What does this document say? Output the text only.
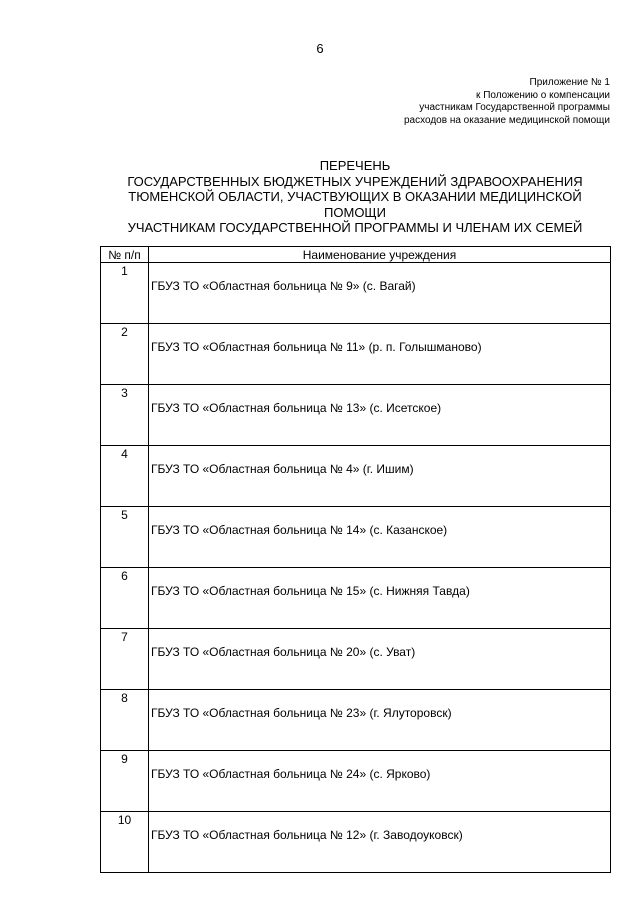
6
Приложение № 1
к Положению о компенсации
участникам Государственной программы
расходов на оказание медицинской помощи
ПЕРЕЧЕНЬ
ГОСУДАРСТВЕННЫХ БЮДЖЕТНЫХ УЧРЕЖДЕНИЙ ЗДРАВООХРАНЕНИЯ
ТЮМЕНСКОЙ ОБЛАСТИ, УЧАСТВУЮЩИХ В ОКАЗАНИИ МЕДИЦИНСКОЙ
ПОМОЩИ
УЧАСТНИКАМ ГОСУДАРСТВЕННОЙ ПРОГРАММЫ И ЧЛЕНАМ ИХ СЕМЕЙ
№ п/п	Наименование учреждения
1	ГБУЗ ТО «Областная больница № 9» (с. Вагай)
2	ГБУЗ ТО «Областная больница № 11» (р. п. Голышманово)
3	ГБУЗ ТО «Областная больница № 13» (с. Исетское)
4	ГБУЗ ТО «Областная больница № 4» (г. Ишим)
5	ГБУЗ ТО «Областная больница № 14» (с. Казанское)
6	ГБУЗ ТО «Областная больница № 15» (с. Нижняя Тавда)
7	ГБУЗ ТО «Областная больница № 20» (с. Уват)
8	ГБУЗ ТО «Областная больница № 23» (г. Ялуторовск)
9	ГБУЗ ТО «Областная больница № 24» (с. Ярково)
10	ГБУЗ ТО «Областная больница № 12» (г. Заводоуковск)
